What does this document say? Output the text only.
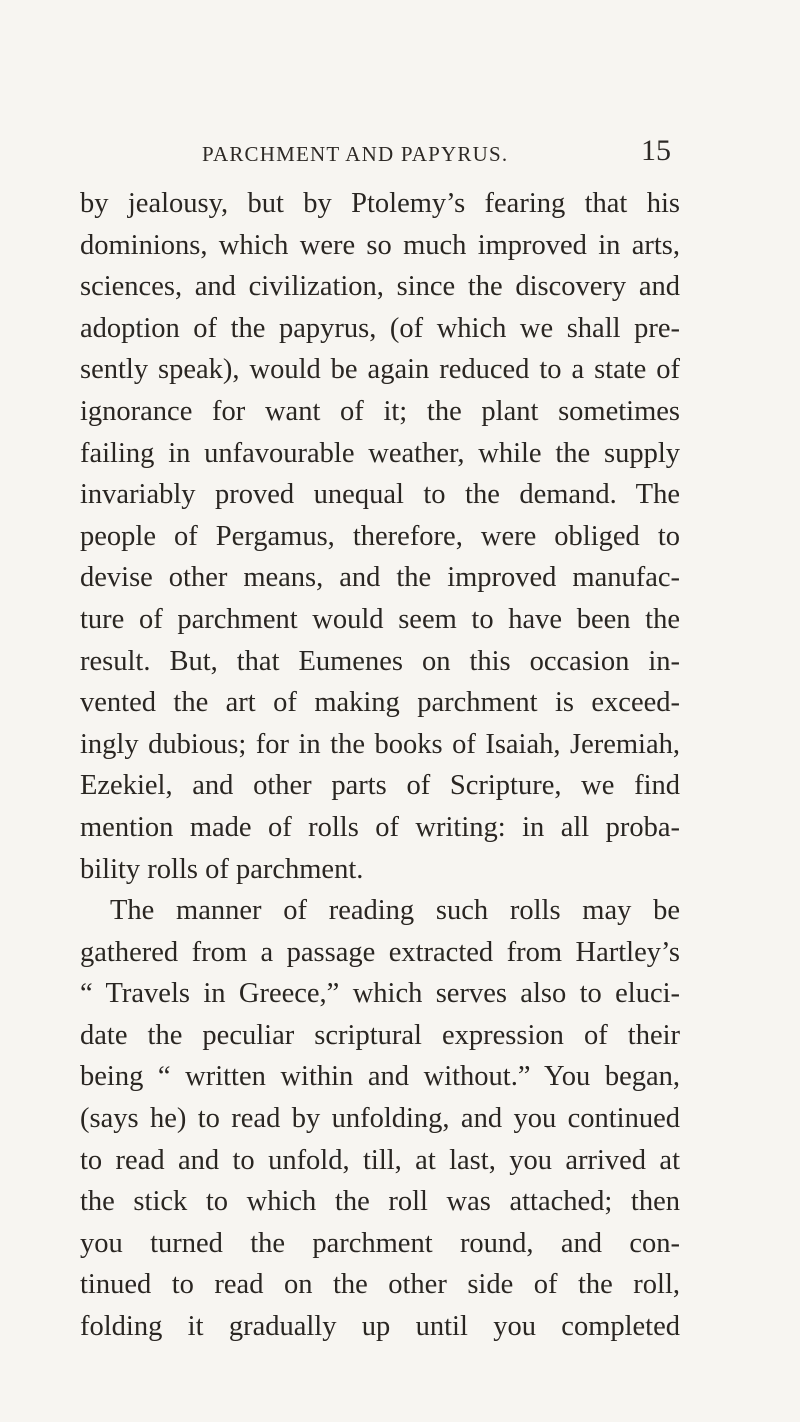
PARCHMENT AND PAPYRUS.	15
by jealousy, but by Ptolemy’s fearing that his
dominions, which were so much improved in arts,
sciences, and civilization, since the discovery and
adoption of the papyrus, (of which we shall pre-
sently speak), would be again reduced to a state of
ignorance for want of it; the plant sometimes
failing in unfavourable weather, while the supply
invariably proved unequal to the demand. The
people of Pergamus, therefore, were obliged to
devise other means, and the improved manufac-
ture of parchment would seem to have been the
result. But, that Eumenes on this occasion in-
vented the art of making parchment is exceed-
ingly dubious; for in the books of Isaiah, Jeremiah,
Ezekiel, and other parts of Scripture, we find
mention made of rolls of writing: in all proba-
bility rolls of parchment.
The manner of reading such rolls may be
gathered from a passage extracted from Hartley’s
“ Travels in Greece,” which serves also to eluci-
date the peculiar scriptural expression of their
being “ written within and without.” You began,
(says he) to read by unfolding, and you continued
to read and to unfold, till, at last, you arrived at
the stick to which the roll was attached; then
you turned the parchment round, and con-
tinued to read on the other side of the roll,
folding it gradually up until you completed
